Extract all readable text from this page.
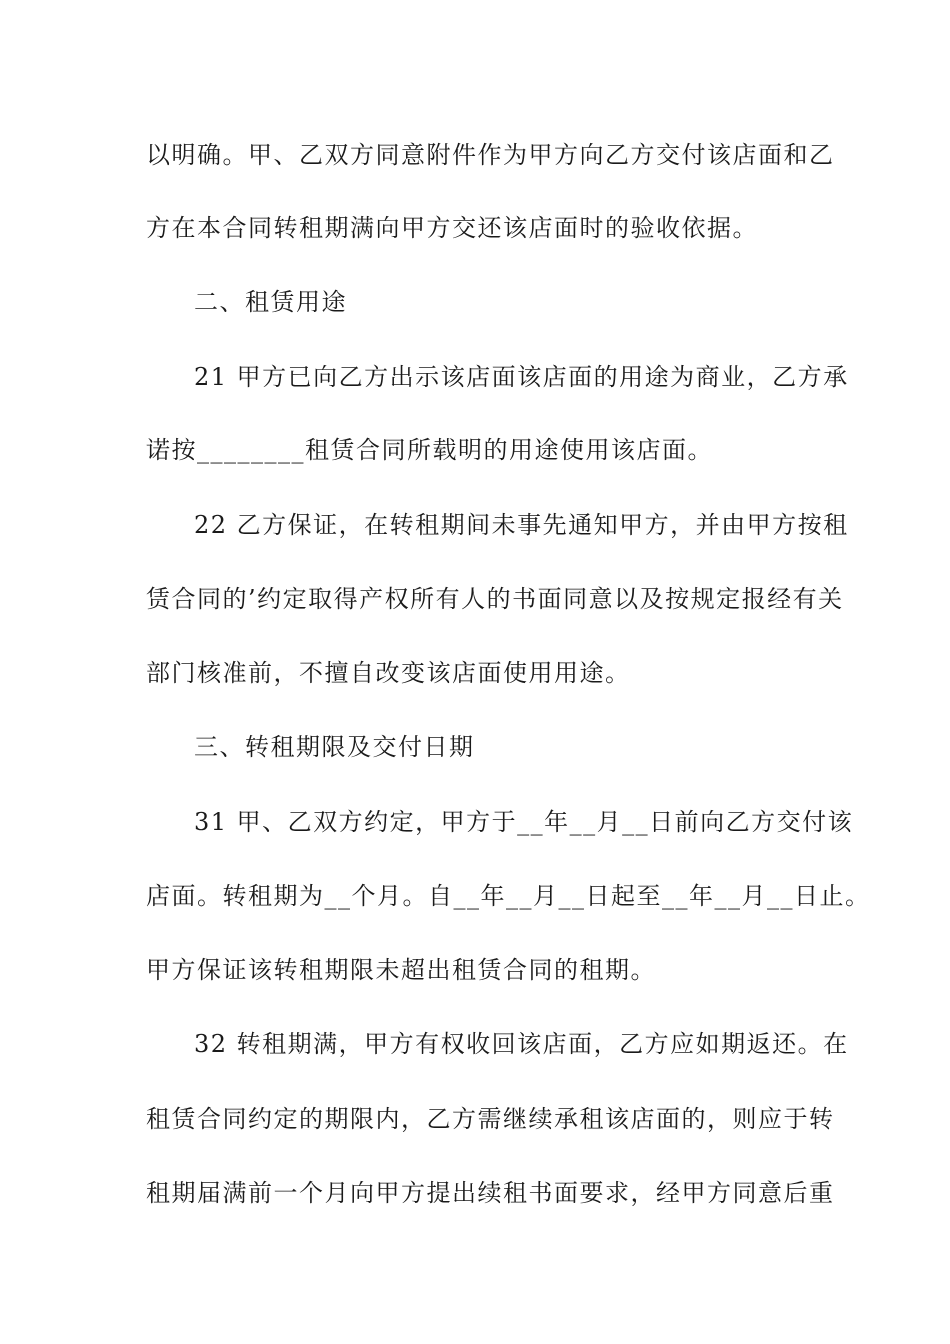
以明确。甲、乙双方同意附件作为甲方向乙方交付该店面和乙
方在本合同转租期满向甲方交还该店面时的验收依据。
二、租赁用途
21 甲方已向乙方出示该店面该店面的用途为商业，乙方承
诺按________租赁合同所载明的用途使用该店面。
22 乙方保证，在转租期间未事先通知甲方，并由甲方按租
赁合同的’约定取得产权所有人的书面同意以及按规定报经有关
部门核准前，不擅自改变该店面使用用途。
三、转租期限及交付日期
31 甲、乙双方约定，甲方于__年__月__日前向乙方交付该
店面。转租期为__个月。自__年__月__日起至__年__月__日止。
甲方保证该转租期限未超出租赁合同的租期。
32 转租期满，甲方有权收回该店面，乙方应如期返还。在
租赁合同约定的期限内，乙方需继续承租该店面的，则应于转
租期届满前一个月向甲方提出续租书面要求，经甲方同意后重
